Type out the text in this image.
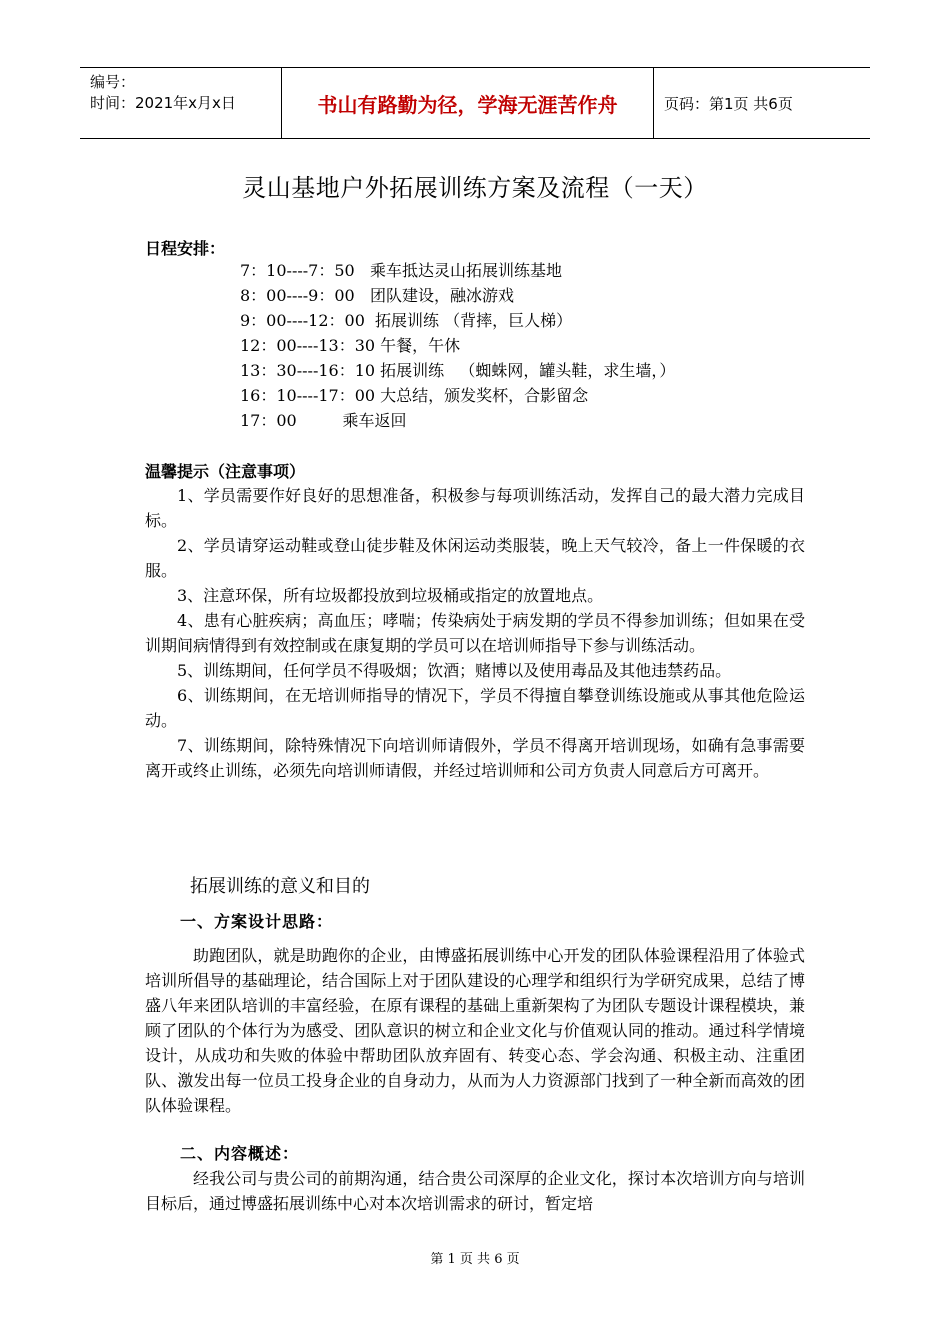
编号：
时间：2021年x月x日	书山有路勤为径，学海无涯苦作舟	页码：第1页 共6页
灵山基地户外拓展训练方案及流程（一天）
日程安排：
7：10----7：50   乘车抵达灵山拓展训练基地
8：00----9：00   团队建设，融冰游戏
9：00----12：00  拓展训练 （背摔，巨人梯）
12：00----13：30 午餐，午休
13：30----16：10 拓展训练   （蜘蛛网，罐头鞋，求生墙，）
16：10----17：00 大总结，颁发奖杯，合影留念
17：00         乘车返回
温馨提示（注意事项）

1、学员需要作好良好的思想准备，积极参与每项训练活动，发挥自己的最大潜力完成目标。

2、学员请穿运动鞋或登山徒步鞋及休闲运动类服装，晚上天气较冷，备上一件保暖的衣服。

3、注意环保，所有垃圾都投放到垃圾桶或指定的放置地点。

4、患有心脏疾病；高血压；哮喘；传染病处于病发期的学员不得参加训练；但如果在受训期间病情得到有效控制或在康复期的学员可以在培训师指导下参与训练活动。

5、训练期间，任何学员不得吸烟；饮酒；赌博以及使用毒品及其他违禁药品。

6、训练期间，在无培训师指导的情况下，学员不得擅自攀登训练设施或从事其他危险运动。

7、训练期间，除特殊情况下向培训师请假外，学员不得离开培训现场，如确有急事需要离开或终止训练，必须先向培训师请假，并经过培训师和公司方负责人同意后方可离开。

拓展训练的意义和目的
一、方案设计思路：

助跑团队，就是助跑你的企业，由博盛拓展训练中心开发的团队体验课程沿用了体验式培训所倡导的基础理论，结合国际上对于团队建设的心理学和组织行为学研究成果，总结了博盛八年来团队培训的丰富经验，在原有课程的基础上重新架构了为团队专题设计课程模块，兼顾了团队的个体行为为感受、团队意识的树立和企业文化与价值观认同的推动。通过科学情境设计，从成功和失败的体验中帮助团队放弃固有、转变心态、学会沟通、积极主动、注重团队、激发出每一位员工投身企业的自身动力，从而为人力资源部门找到了一种全新而高效的团队体验课程。

二、内容概述：

经我公司与贵公司的前期沟通，结合贵公司深厚的企业文化，探讨本次培训方向与培训目标后，通过博盛拓展训练中心对本次培训需求的研讨，暂定培

第 1 页 共 6 页
